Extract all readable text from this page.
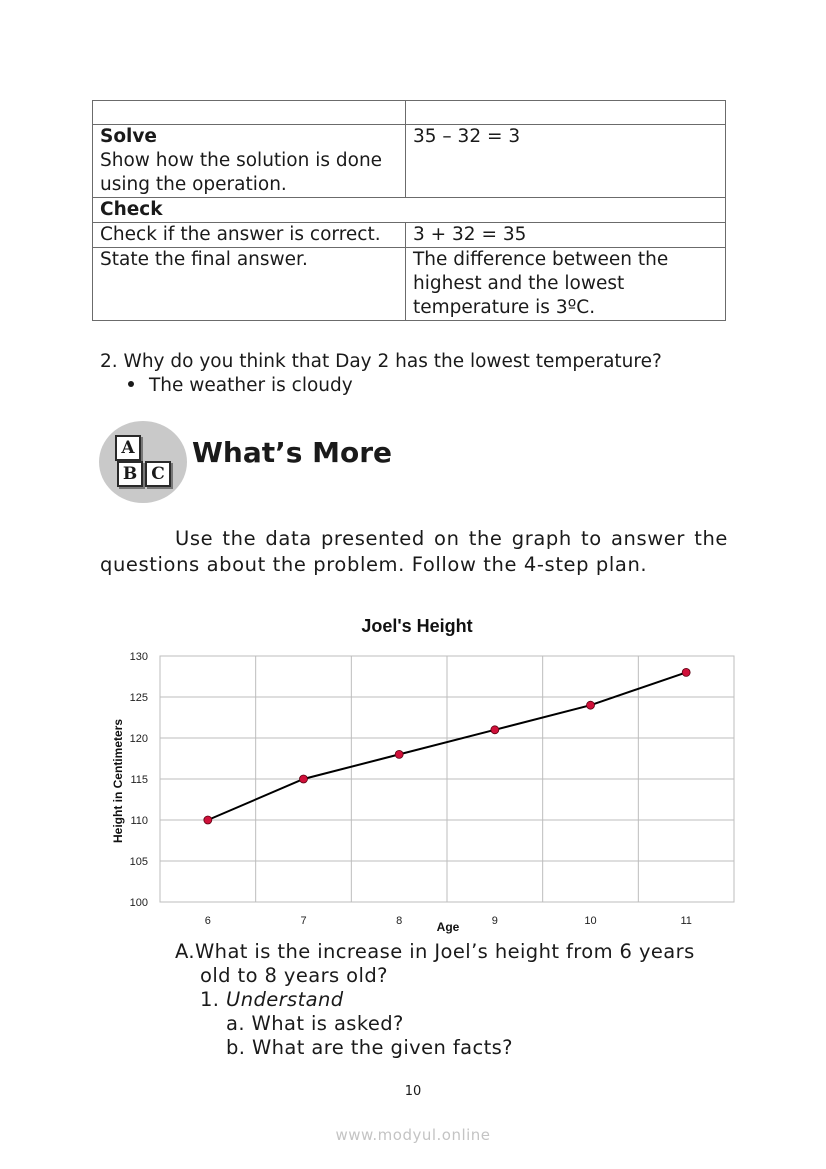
Solve
Show how the solution is done using the operation.	35 – 32 = 3

Check	

Check if the answer is correct.	3 + 32 = 35
State the final answer.	The difference between the highest and the lowest temperature is 3ºC.
2. Why do you think that Day 2 has the lowest temperature?
The weather is cloudy
A
B C
What’s More
Use the data presented on the graph to answer the questions about the problem. Follow the 4-step plan.
Joel's Height
100
105
110
115
120
125
130
6	7	8	9	10	11
Age
Height in Centimeters
A.What is the increase in Joel’s height from 6 years
old to 8 years old?
1. Understand
a. What is asked?
b. What are the given facts?
10
www.modyul.online
